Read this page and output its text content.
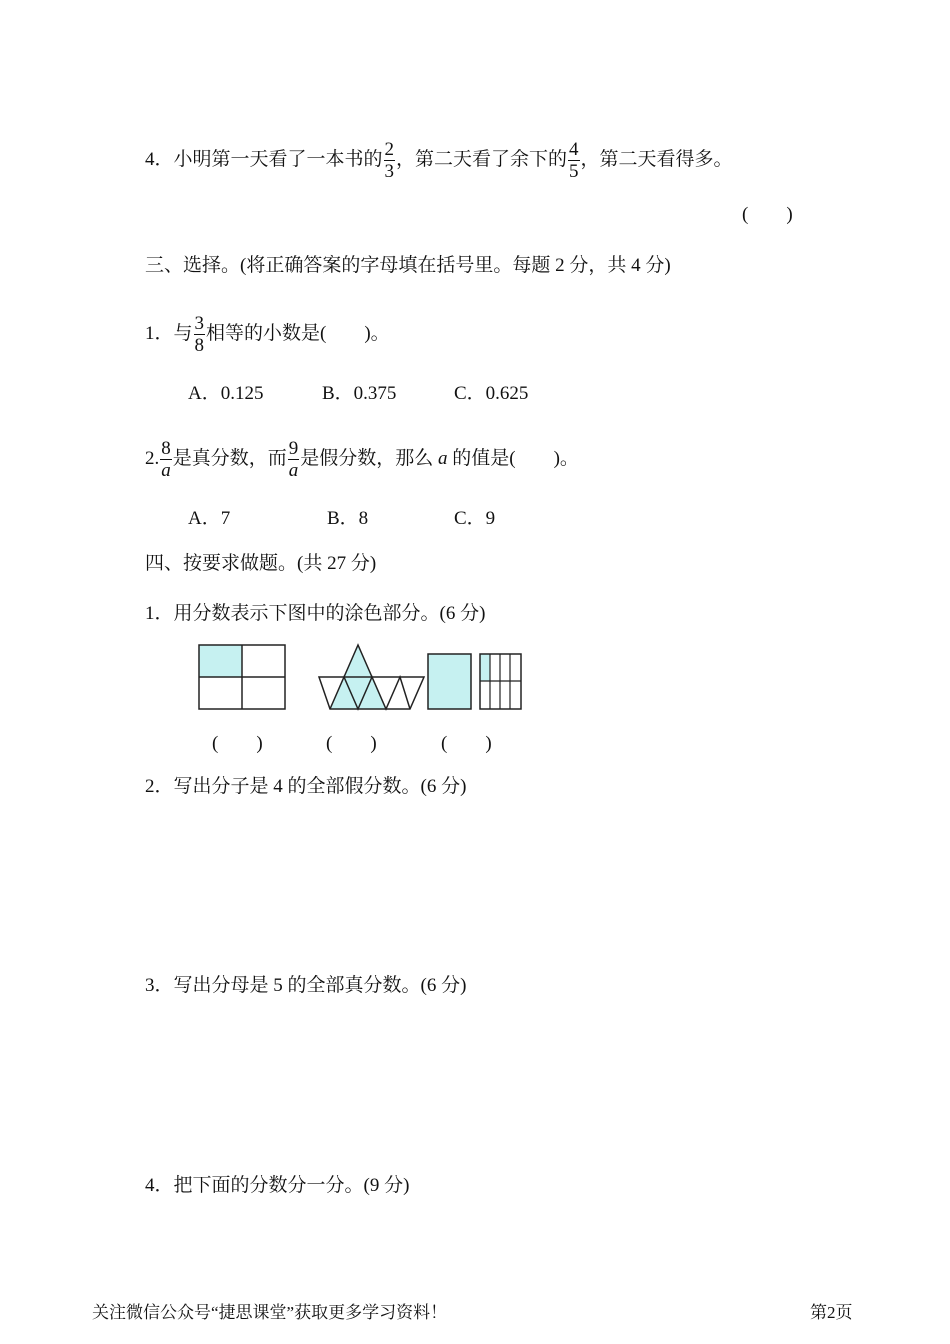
4．小明第一天看了一本书的 $\frac{2}{3}$ ，第二天看了余下的 $\frac{4}{5}$ ，第二天看得多。
(　　)
三、选择。(将正确答案的字母填在括号里。每题 2 分，共 4 分)
1．与 $\frac{3}{8}$ 相等的小数是(　　)。
A．0.125	B．0.375	C．0.625
2. $\frac{8}{a}$ 是真分数，而 $\frac{9}{a}$ 是假分数，那么 a 的值是(　　)。
A．7	B．8	C．9
四、按要求做题。(共 27 分)
1．用分数表示下图中的涂色部分。(6 分)
(　　)	(　　)	(　　)
2．写出分子是 4 的全部假分数。(6 分)
3．写出分母是 5 的全部真分数。(6 分)
4．把下面的分数分一分。(9 分)
关注微信公众号“捷思课堂”获取更多学习资料！	第2页
